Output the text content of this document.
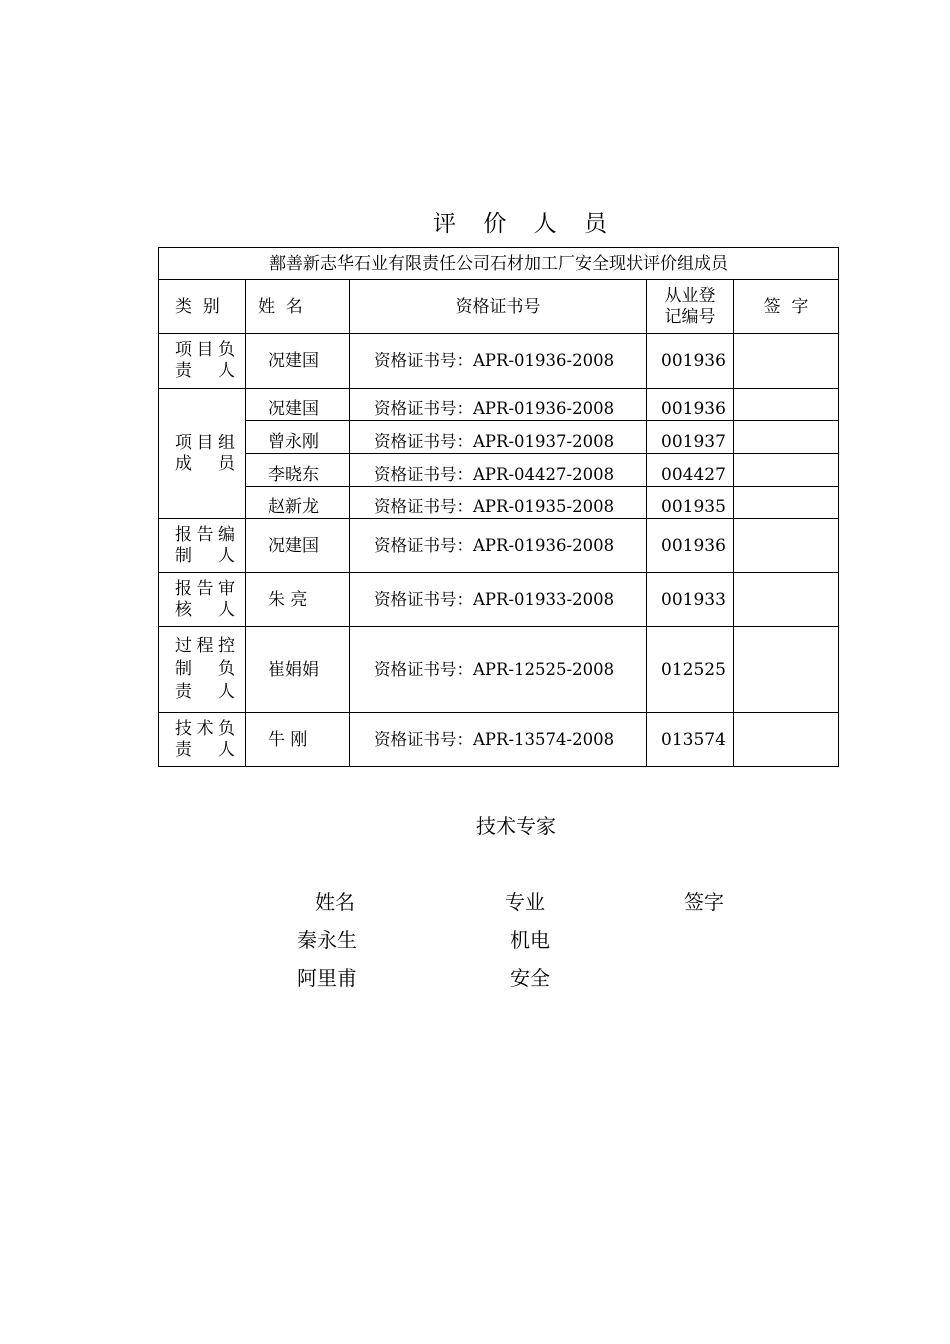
评 价 人 员
鄯善新志华石业有限责任公司石材加工厂安全现状评价组成员				
类  别	姓  名	资格证书号	从业登记编号	签  字

项目负责 人	况建国	资格证书号：APR-01936-2008	001936	

项目组成 员	况建国	资格证书号：APR-01936-2008	001936	
	曾永刚	资格证书号：APR-01937-2008	001937	
	李晓东	资格证书号：APR-04427-2008	004427	
	赵新龙	资格证书号：APR-01935-2008	001935	

报告编制 人	况建国	资格证书号：APR-01936-2008	001936	

报告审核 人	朱 亮	资格证书号：APR-01933-2008	001933	

过程控制 负 责 人	崔娟娟	资格证书号：APR-12525-2008	012525	

技术负责 人	牛 刚	资格证书号：APR-13574-2008	013574	
技术专家
姓名	专业	签字
秦永生	机电
阿里甫	安全
